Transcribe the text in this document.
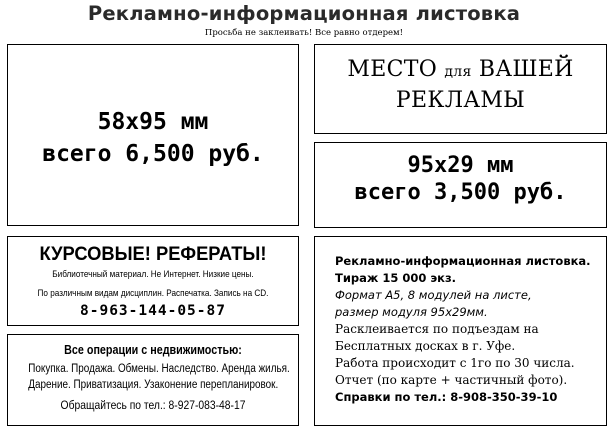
Рекламно-информационная листовка
Просьба не заклеивать! Все равно отдерем!
58х95 мм
всего 6,500 руб.
МЕСТО для ВАШЕЙ
РЕКЛАМЫ
95х29 мм
всего 3,500 руб.
КУРСОВЫЕ! РЕФЕРАТЫ!
Библиотечный материал. Не Интернет. Низкие цены.
По различным видам дисциплин. Распечатка. Запись на CD.
8-963-144-05-87
Все операции с недвижимостью:
Покупка. Продажа. Обмены. Наследство. Аренда жилья.
Дарение. Приватизация. Узаконение перепланировок.
Обращайтесь по тел.: 8-927-083-48-17
Рекламно-информационная листовка.
Тираж 15 000 экз.
Формат А5, 8 модулей на листе,
размер модуля 95х29мм.
Расклеивается по подъездам на
Бесплатных досках в г. Уфе.
Работа происходит с 1го по 30 числа.
Отчет (по карте + частичный фото).
Справки по тел.: 8-908-350-39-10
